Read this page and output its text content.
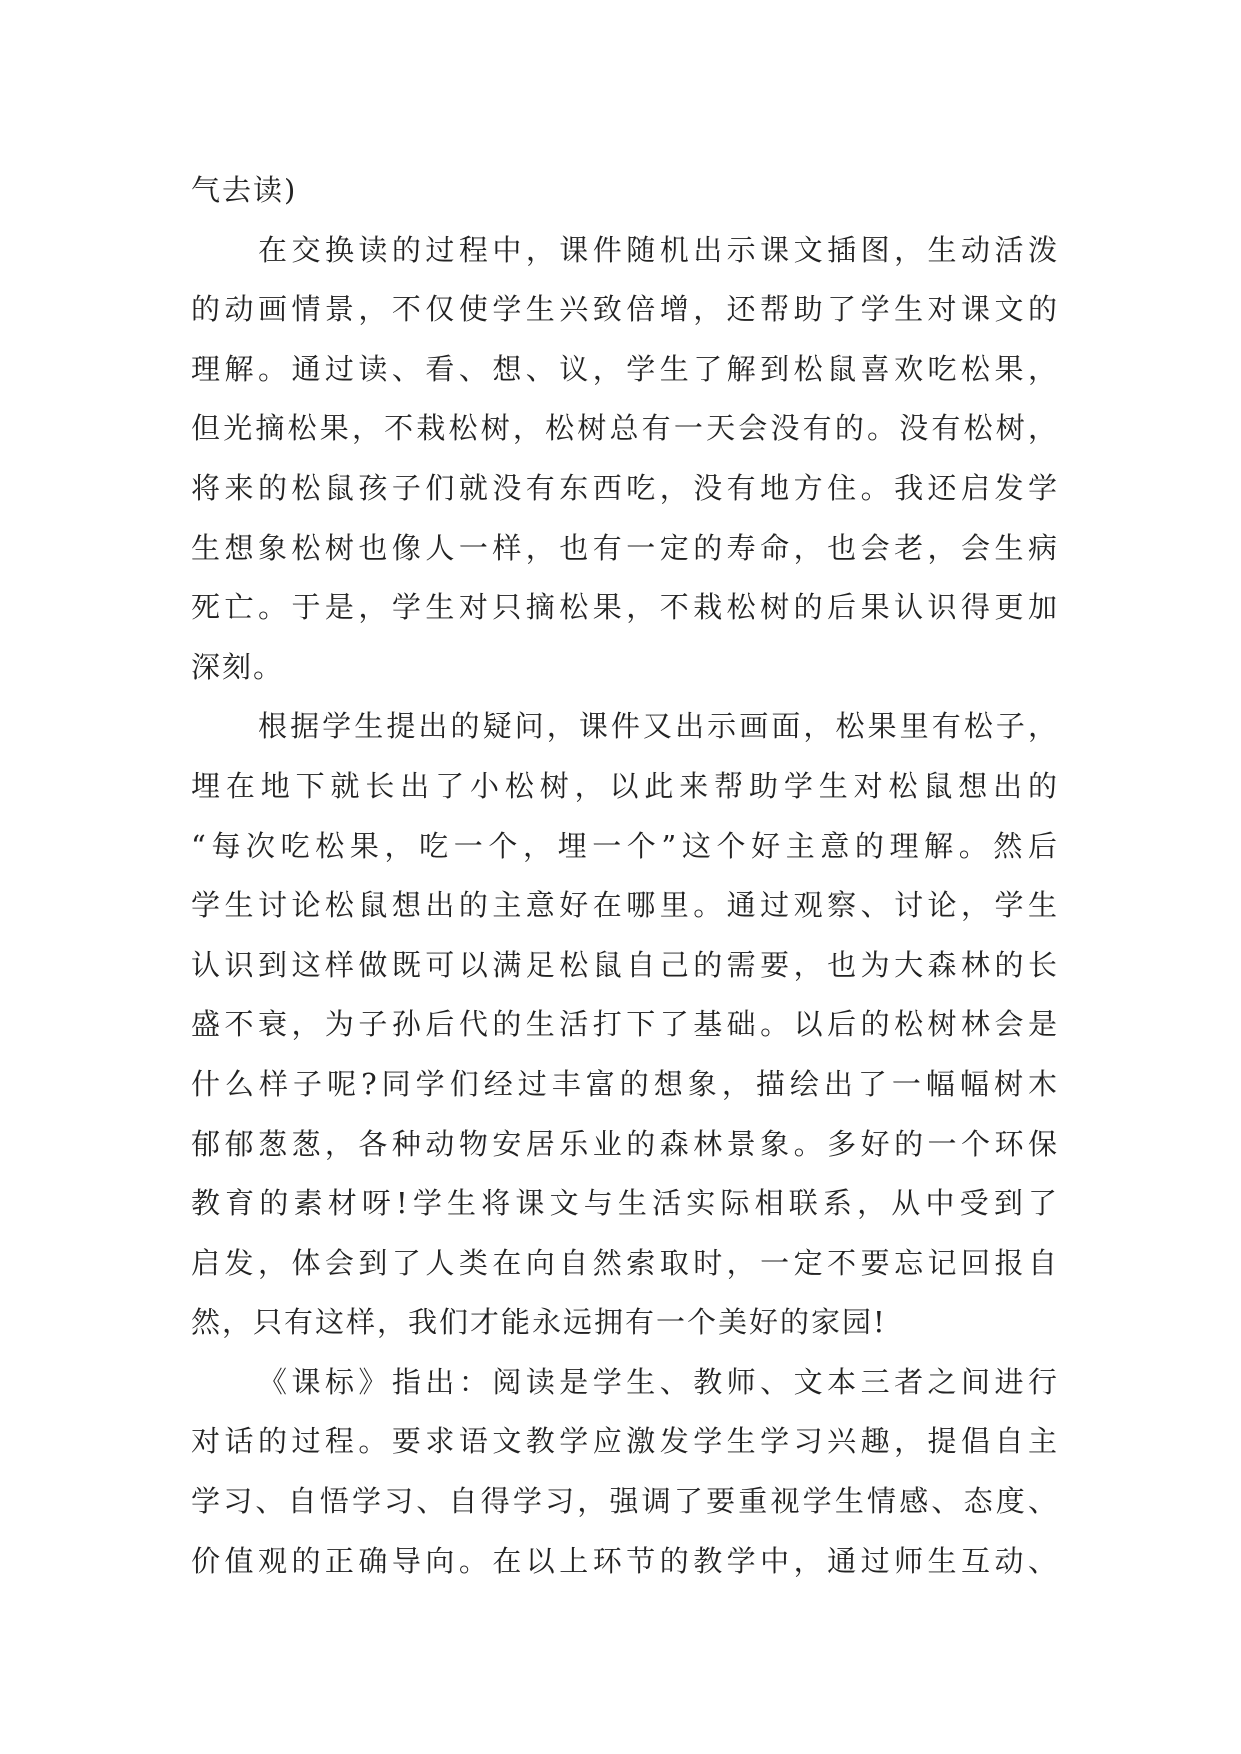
气去读)
在交换读的过程中，课件随机出示课文插图，生动活泼
的动画情景，不仅使学生兴致倍增，还帮助了学生对课文的
理解。通过读、看、想、议，学生了解到松鼠喜欢吃松果，
但光摘松果，不栽松树，松树总有一天会没有的。没有松树，
将来的松鼠孩子们就没有东西吃，没有地方住。我还启发学
生想象松树也像人一样，也有一定的寿命，也会老，会生病
死亡。于是，学生对只摘松果，不栽松树的后果认识得更加
深刻。
根据学生提出的疑问，课件又出示画面，松果里有松子，
埋在地下就长出了小松树，以此来帮助学生对松鼠想出的
“每次吃松果，吃一个，埋一个”这个好主意的理解。然后
学生讨论松鼠想出的主意好在哪里。通过观察、讨论，学生
认识到这样做既可以满足松鼠自己的需要，也为大森林的长
盛不衰，为子孙后代的生活打下了基础。以后的松树林会是
什么样子呢?同学们经过丰富的想象，描绘出了一幅幅树木
郁郁葱葱，各种动物安居乐业的森林景象。多好的一个环保
教育的素材呀!学生将课文与生活实际相联系，从中受到了
启发，体会到了人类在向自然索取时，一定不要忘记回报自
然，只有这样，我们才能永远拥有一个美好的家园!
《课标》指出：阅读是学生、教师、文本三者之间进行
对话的过程。要求语文教学应激发学生学习兴趣，提倡自主
学习、自悟学习、自得学习，强调了要重视学生情感、态度、
价值观的正确导向。在以上环节的教学中，通过师生互动、
